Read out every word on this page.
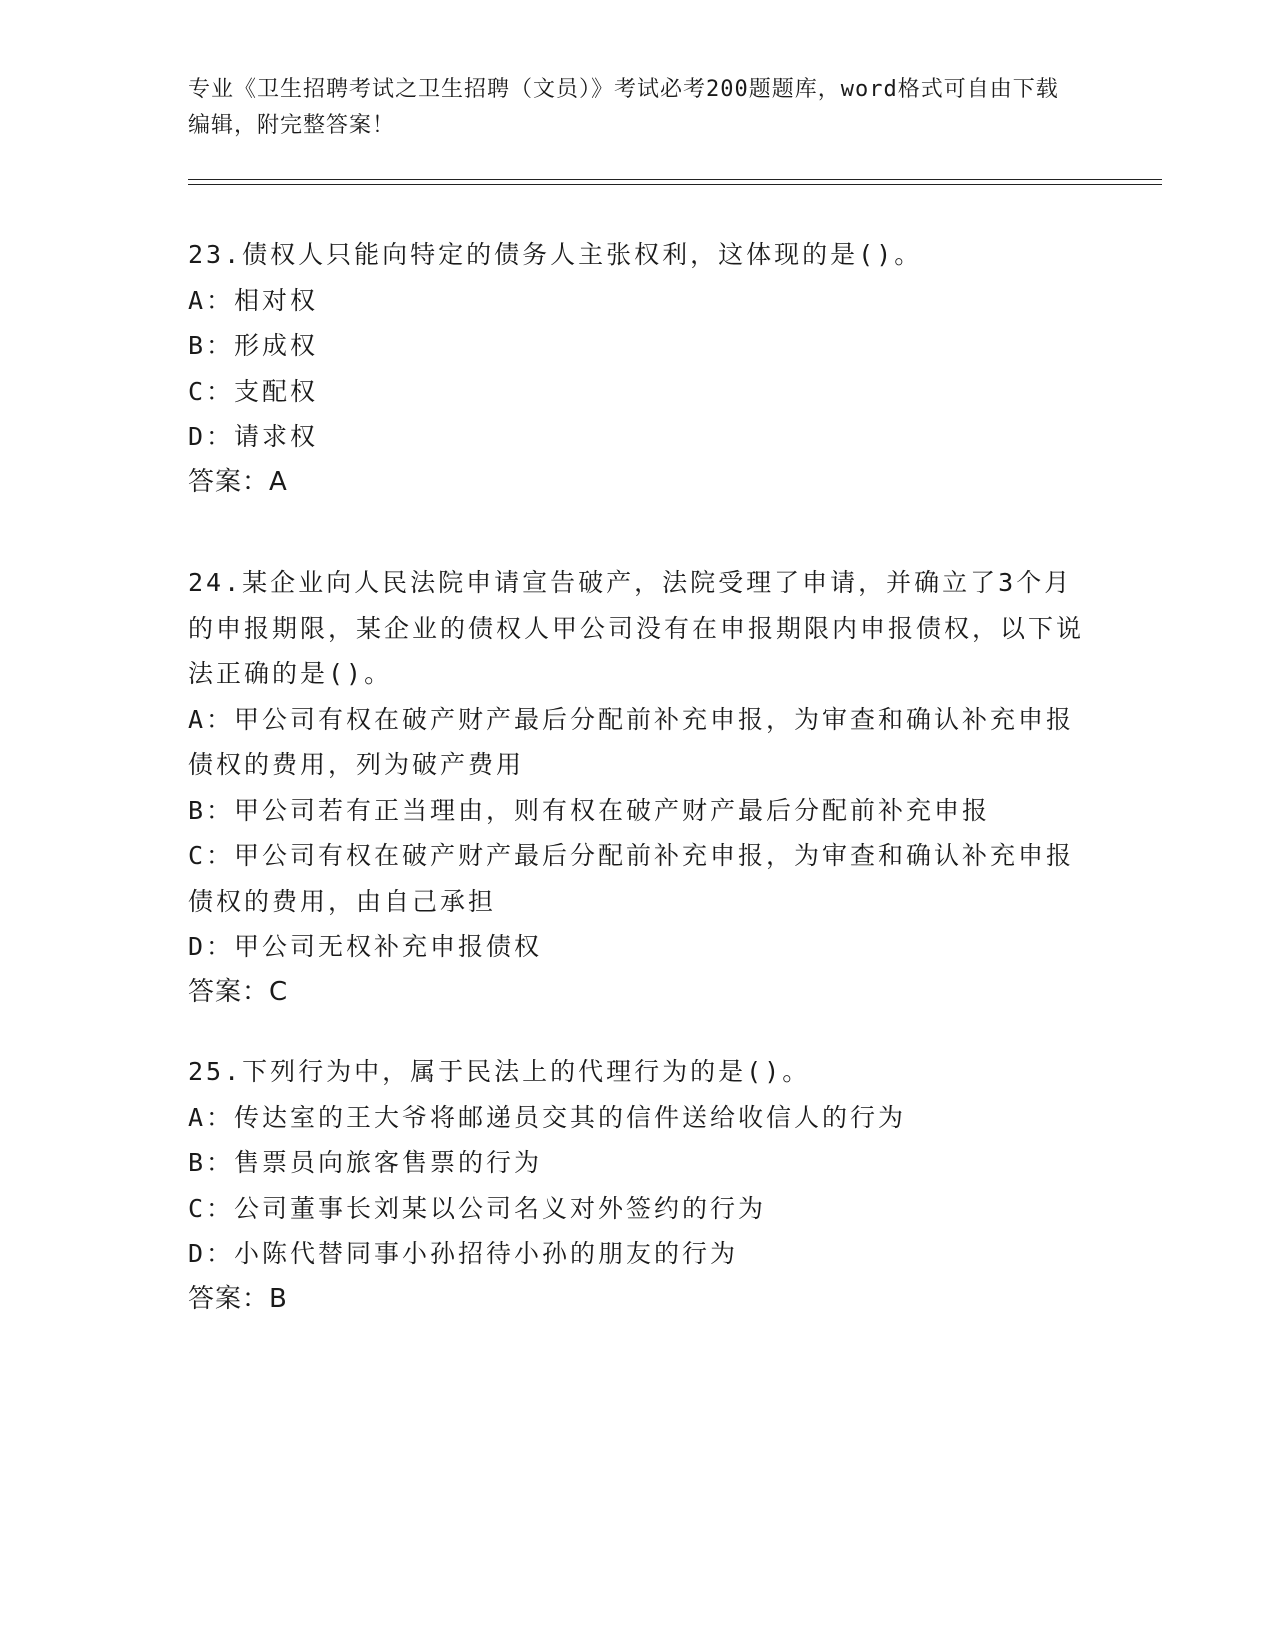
专业《卫生招聘考试之卫生招聘（文员）》考试必考200题题库，word格式可自由下载编辑，附完整答案！

23.债权人只能向特定的债务人主张权利，这体现的是()。

A：相对权

B：形成权

C：支配权

D：请求权

答案：A

24.某企业向人民法院申请宣告破产，法院受理了申请，并确立了3个月的申报期限，某企业的债权人甲公司没有在申报期限内申报债权，以下说法正确的是()。

A：甲公司有权在破产财产最后分配前补充申报，为审查和确认补充申报债权的费用，列为破产费用

B：甲公司若有正当理由，则有权在破产财产最后分配前补充申报

C：甲公司有权在破产财产最后分配前补充申报，为审查和确认补充申报债权的费用，由自己承担

D：甲公司无权补充申报债权

答案：C

25.下列行为中，属于民法上的代理行为的是()。

A：传达室的王大爷将邮递员交其的信件送给收信人的行为

B：售票员向旅客售票的行为

C：公司董事长刘某以公司名义对外签约的行为

D：小陈代替同事小孙招待小孙的朋友的行为

答案：B
